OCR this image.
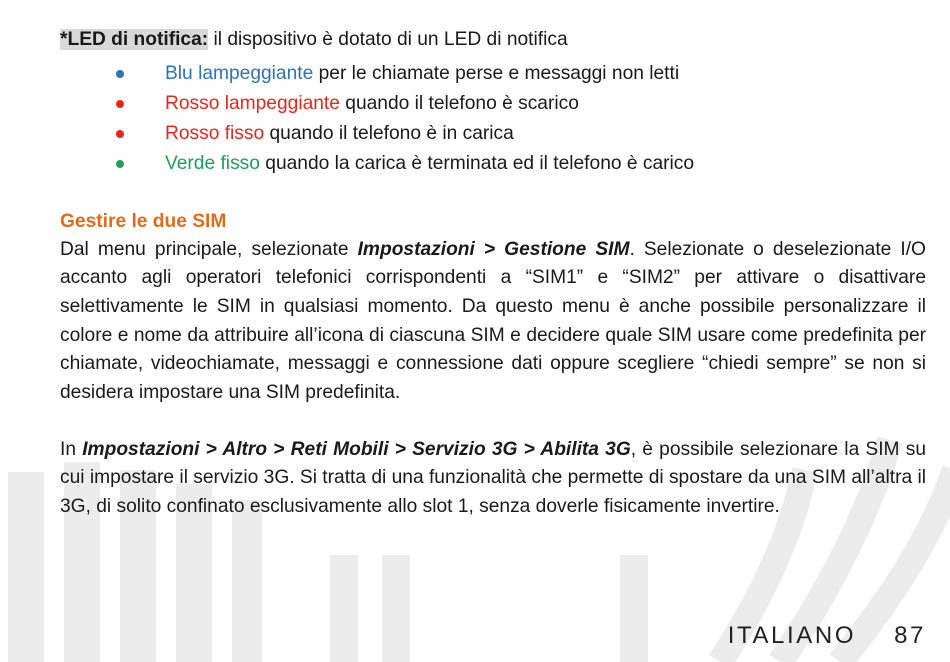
*LED di notifica: il dispositivo è dotato di un LED di notifica
Blu lampeggiante per le chiamate perse e messaggi non letti
Rosso lampeggiante quando il telefono è scarico
Rosso fisso quando il telefono è in carica
Verde fisso quando la carica è terminata ed il telefono è carico
Gestire le due SIM
Dal menu principale, selezionate Impostazioni > Gestione SIM. Selezionate o deselezionate I/O accanto agli operatori telefonici corrispondenti a “SIM1” e “SIM2” per attivare o disattivare selettivamente le SIM in qualsiasi momento. Da questo menu è anche possibile personalizzare il colore e nome da attribuire all’icona di ciascuna SIM e decidere quale SIM usare come predefinita per chiamate, videochiamate, messaggi e connessione dati oppure scegliere “chiedi sempre” se non si desidera impostare una SIM predefinita.
In Impostazioni > Altro > Reti Mobili > Servizio 3G > Abilita 3G, è possibile selezionare la SIM su cui impostare il servizio 3G. Si tratta di una funzionalità che permette di spostare da una SIM all’altra il 3G, di solito confinato esclusivamente allo slot 1, senza doverle fisicamente invertire.
ITALIANO 87
